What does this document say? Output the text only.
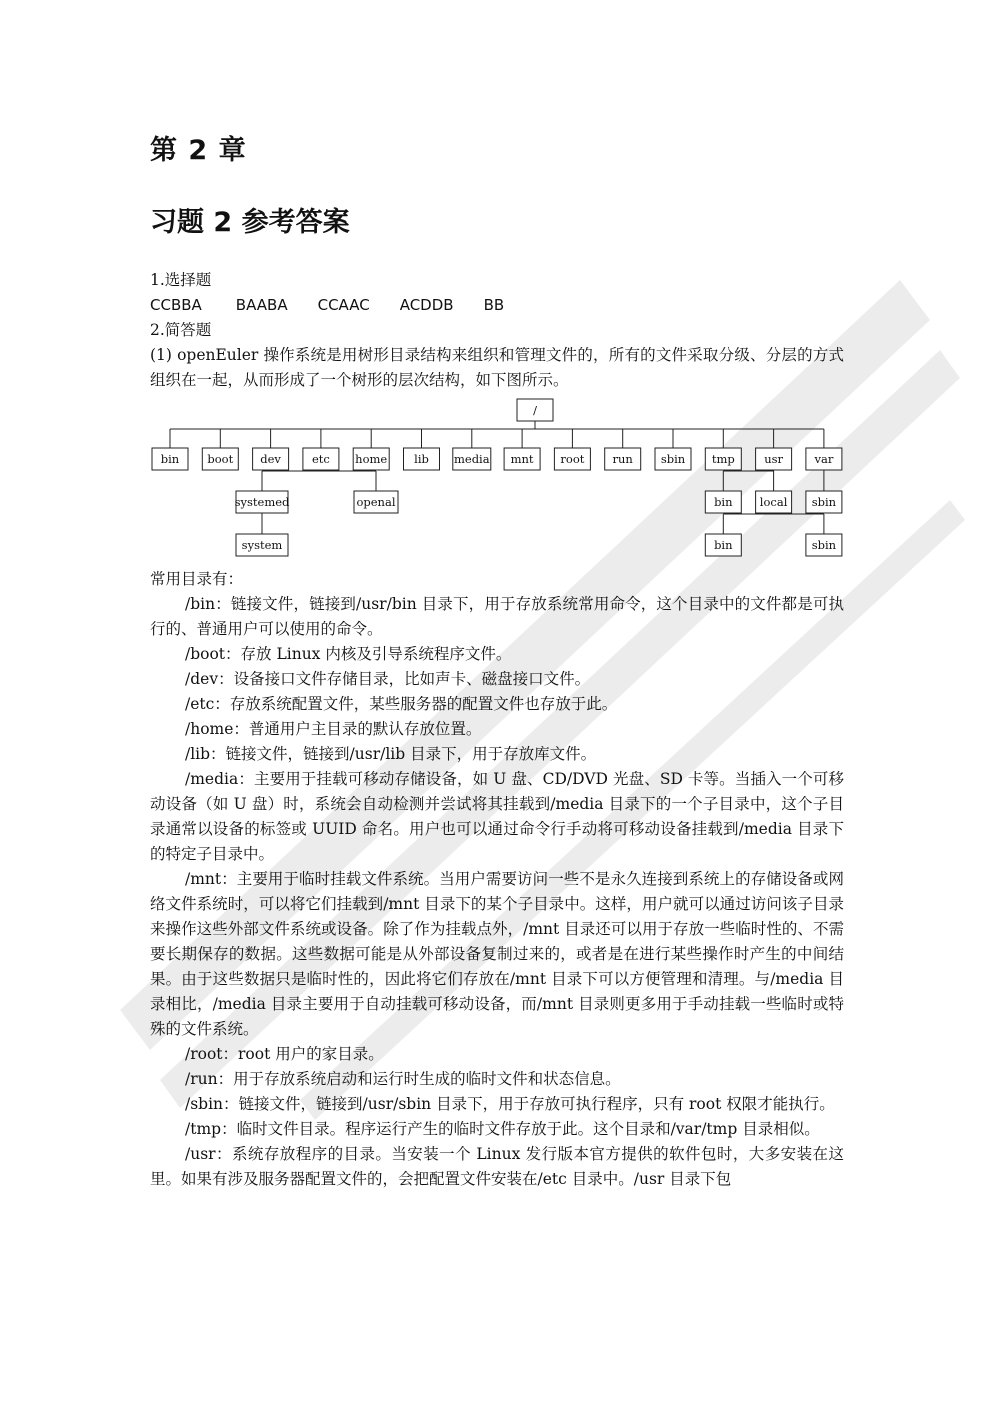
第 2 章
习题 2 参考答案

1.选择题

CCBBA BAABA CCAAC ACDDB BB

2.简答题

(1) openEuler 操作系统是用树形目录结构来组织和管理文件的，所有的文件采取分级、分层的方式组织在一起，从而形成了一个树形的层次结构，如下图所示。

/
bin boot dev	etc home lib media mnt root run sbin tmp	usr	var
systemed	openal
system
bin local sbin
bin	sbin

常用目录有：

/bin：链接文件，链接到/usr/bin 目录下，用于存放系统常用命令，这个目录中的文件都是可执行的、普通用户可以使用的命令。

/boot：存放 Linux 内核及引导系统程序文件。

/dev：设备接口文件存储目录，比如声卡、磁盘接口文件。

/etc：存放系统配置文件，某些服务器的配置文件也存放于此。

/home：普通用户主目录的默认存放位置。

/lib：链接文件，链接到/usr/lib 目录下，用于存放库文件。

/media：主要用于挂载可移动存储设备，如 U 盘、CD/DVD 光盘、SD 卡等。当插入一个可移动设备（如 U 盘）时，系统会自动检测并尝试将其挂载到/media 目录下的一个子目录中，这个子目录通常以设备的标签或 UUID 命名。用户也可以通过命令行手动将可移动设备挂载到/media 目录下的特定子目录中。

/mnt：主要用于临时挂载文件系统。当用户需要访问一些不是永久连接到系统上的存储设备或网络文件系统时，可以将它们挂载到/mnt 目录下的某个子目录中。这样，用户就可以通过访问该子目录来操作这些外部文件系统或设备。除了作为挂载点外，/mnt 目录还可以用于存放一些临时性的、不需要长期保存的数据。这些数据可能是从外部设备复制过来的，或者是在进行某些操作时产生的中间结果。由于这些数据只是临时性的，因此将它们存放在/mnt 目录下可以方便管理和清理。与/media 目录相比，/media 目录主要用于自动挂载可移动设备，而/mnt 目录则更多用于手动挂载一些临时或特殊的文件系统。

/root：root 用户的家目录。

/run：用于存放系统启动和运行时生成的临时文件和状态信息。

/sbin：链接文件，链接到/usr/sbin 目录下，用于存放可执行程序，只有 root 权限才能执行。

/tmp：临时文件目录。程序运行产生的临时文件存放于此。这个目录和/var/tmp 目录相似。

/usr：系统存放程序的目录。当安装一个 Linux 发行版本官方提供的软件包时，大多安装在这里。如果有涉及服务器配置文件的，会把配置文件安装在/etc 目录中。/usr 目录下包
